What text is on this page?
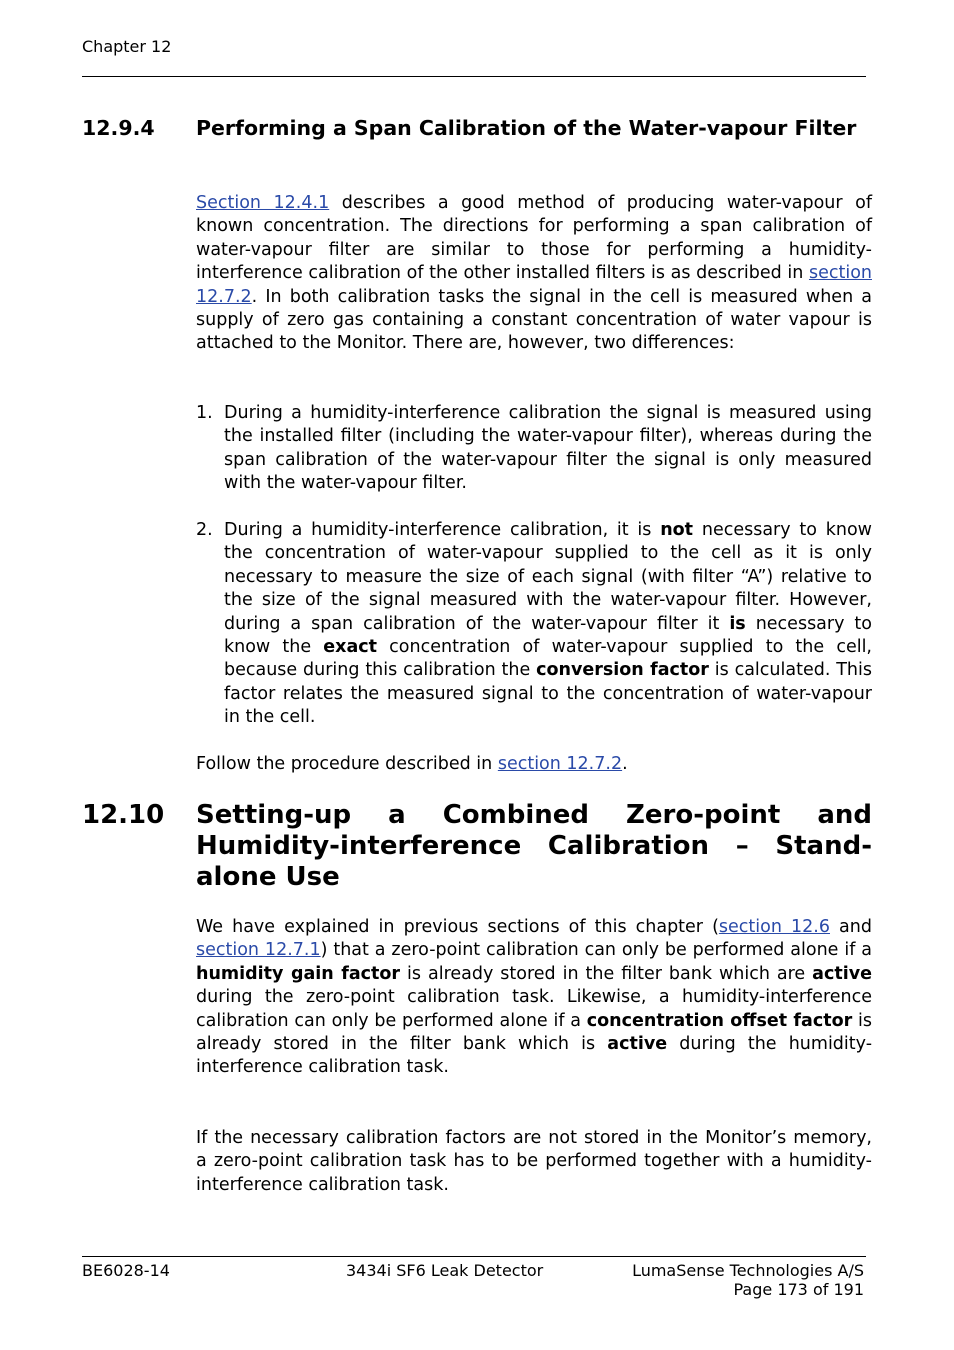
Chapter 12
12.9.4 Performing a Span Calibration of the Water-vapour Filter
Section 12.4.1 describes a good method of producing water-vapour of known concentration. The directions for performing a span calibration of water-vapour filter are similar to those for performing a humidity-interference calibration of the other installed filters is as described in section 12.7.2. In both calibration tasks the signal in the cell is measured when a supply of zero gas containing a constant concentration of water vapour is attached to the Monitor. There are, however, two differences:
1. During a humidity-interference calibration the signal is measured using the installed filter (including the water-vapour filter), whereas during the span calibration of the water-vapour filter the signal is only measured with the water-vapour filter.
2. During a humidity-interference calibration, it is not necessary to know the concentration of water-vapour supplied to the cell as it is only necessary to measure the size of each signal (with filter “A”) relative to the size of the signal measured with the water-vapour filter. However, during a span calibration of the water-vapour filter it is necessary to know the exact concentration of water-vapour supplied to the cell, because during this calibration the conversion factor is calculated. This factor relates the measured signal to the concentration of water-vapour in the cell.
Follow the procedure described in section 12.7.2.
12.10 Setting-up a Combined Zero-point and Humidity-interference Calibration – Stand-alone Use
We have explained in previous sections of this chapter (section 12.6 and section 12.7.1) that a zero-point calibration can only be performed alone if a humidity gain factor is already stored in the filter bank which are active during the zero-point calibration task. Likewise, a humidity-interference calibration can only be performed alone if a concentration offset factor is already stored in the filter bank which is active during the humidity-interference calibration task.
If the necessary calibration factors are not stored in the Monitor’s memory, a zero-point calibration task has to be performed together with a humidity-interference calibration task.
BE6028-14	3434i SF6 Leak Detector	LumaSense Technologies A/S
Page 173 of 191
